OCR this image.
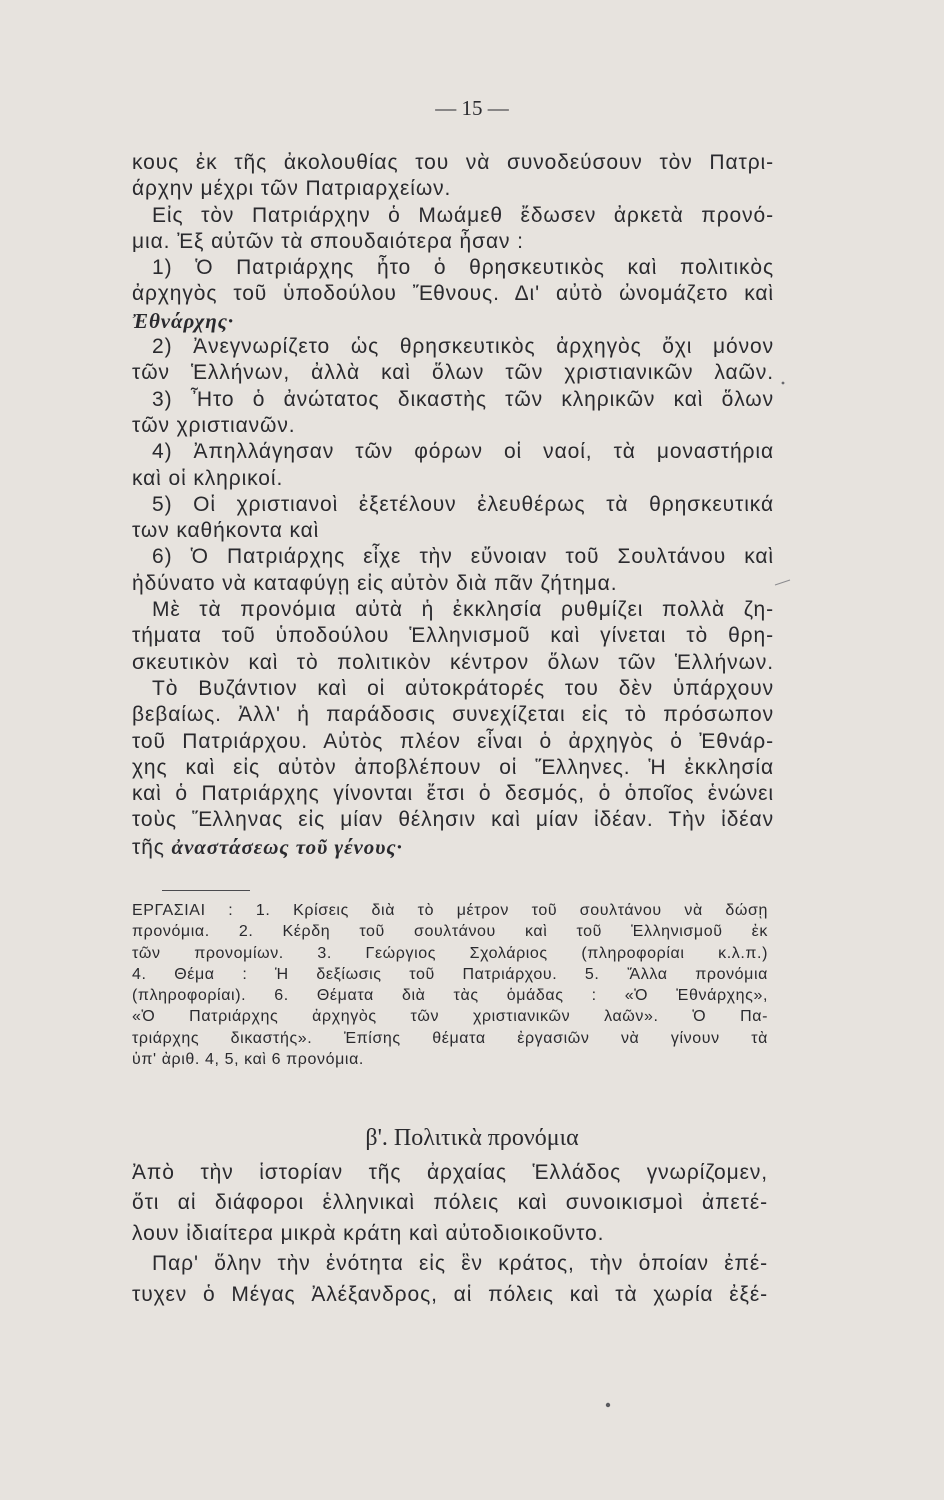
— 15 —
κους ἐκ τῆς ἀκολουθίας του νὰ συνοδεύσουν τὸν Πατρι-
άρχην μέχρι τῶν Πατριαρχείων.
Εἰς τὸν Πατριάρχην ὁ Μωάμεθ ἔδωσεν ἀρκετὰ προνό-
μια. Ἐξ αὐτῶν τὰ σπουδαιότερα ἦσαν :
1) Ὁ Πατριάρχης ἦτο ὁ θρησκευτικὸς καὶ πολιτικὸς
ἀρχηγὸς τοῦ ὑποδούλου Ἔθνους. Δι' αὐτὸ ὠνομάζετο καὶ
Ἐθνάρχης·
2) Ἀνεγνωρίζετο ὡς θρησκευτικὸς ἀρχηγὸς ὄχι μόνον
τῶν Ἑλλήνων, ἀλλὰ καὶ ὅλων τῶν χριστιανικῶν λαῶν.
3) Ἦτο ὁ ἀνώτατος δικαστὴς τῶν κληρικῶν καὶ ὅλων
τῶν χριστιανῶν.
4) Ἀπηλλάγησαν τῶν φόρων οἱ ναοί, τὰ μοναστήρια
καὶ οἱ κληρικοί.
5) Οἱ χριστιανοὶ ἐξετέλουν ἐλευθέρως τὰ θρησκευτικά
των καθήκοντα καὶ
6) Ὁ Πατριάρχης εἶχε τὴν εὔνοιαν τοῦ Σουλτάνου καὶ
ἠδύνατο νὰ καταφύγῃ εἰς αὐτὸν διὰ πᾶν ζήτημα.
Μὲ τὰ προνόμια αὐτὰ ἡ ἐκκλησία ρυθμίζει πολλὰ ζη-
τήματα τοῦ ὑποδούλου Ἑλληνισμοῦ καὶ γίνεται τὸ θρη-
σκευτικὸν καὶ τὸ πολιτικὸν κέντρον ὅλων τῶν Ἑλλήνων.
Τὸ Βυζάντιον καὶ οἱ αὐτοκράτορές του δὲν ὑπάρχουν
βεβαίως. Ἀλλ' ἡ παράδοσις συνεχίζεται εἰς τὸ πρόσωπον
τοῦ Πατριάρχου. Αὐτὸς πλέον εἶναι ὁ ἀρχηγὸς ὁ Ἐθνάρ-
χης καὶ εἰς αὐτὸν ἀποβλέπουν οἱ Ἕλληνες. Ἡ ἐκκλησία
καὶ ὁ Πατριάρχης γίνονται ἔτσι ὁ δεσμός, ὁ ὁποῖος ἑνώνει
τοὺς Ἕλληνας εἰς μίαν θέλησιν καὶ μίαν ἰδέαν. Τὴν ἰδέαν
τῆς ἀναστάσεως τοῦ γένους·
ΕΡΓΑΣΙΑΙ : 1. Κρίσεις διὰ τὸ μέτρον τοῦ σουλτάνου νὰ δώσῃ
προνόμια. 2. Κέρδη τοῦ σουλτάνου καὶ τοῦ Ἑλληνισμοῦ ἐκ
τῶν προνομίων. 3. Γεώργιος Σχολάριος (πληροφορίαι κ.λ.π.)
4. Θέμα : Ἡ δεξίωσις τοῦ Πατριάρχου. 5. Ἄλλα προνόμια
(πληροφορίαι). 6. Θέματα διὰ τὰς ὁμάδας : «Ὁ Ἐθνάρχης»,
«Ὁ Πατριάρχης ἀρχηγὸς τῶν χριστιανικῶν λαῶν». Ὁ Πα-
τριάρχης δικαστής». Ἐπίσης θέματα ἐργασιῶν νὰ γίνουν τὰ
ὑπ' ἀριθ. 4, 5, καὶ 6 προνόμια.
β'. Πολιτικὰ προνόμια
Ἀπὸ τὴν ἱστορίαν τῆς ἀρχαίας Ἑλλάδος γνωρίζομεν,
ὅτι αἱ διάφοροι ἑλληνικαὶ πόλεις καὶ συνοικισμοὶ ἀπετέ-
λουν ἰδιαίτερα μικρὰ κράτη καὶ αὐτοδιοικοῦντο.
Παρ' ὅλην τὴν ἑνότητα εἰς ἓν κράτος, τὴν ὁποίαν ἐπέ-
τυχεν ὁ Μέγας Ἀλέξανδρος, αἱ πόλεις καὶ τὰ χωρία ἐξέ-
